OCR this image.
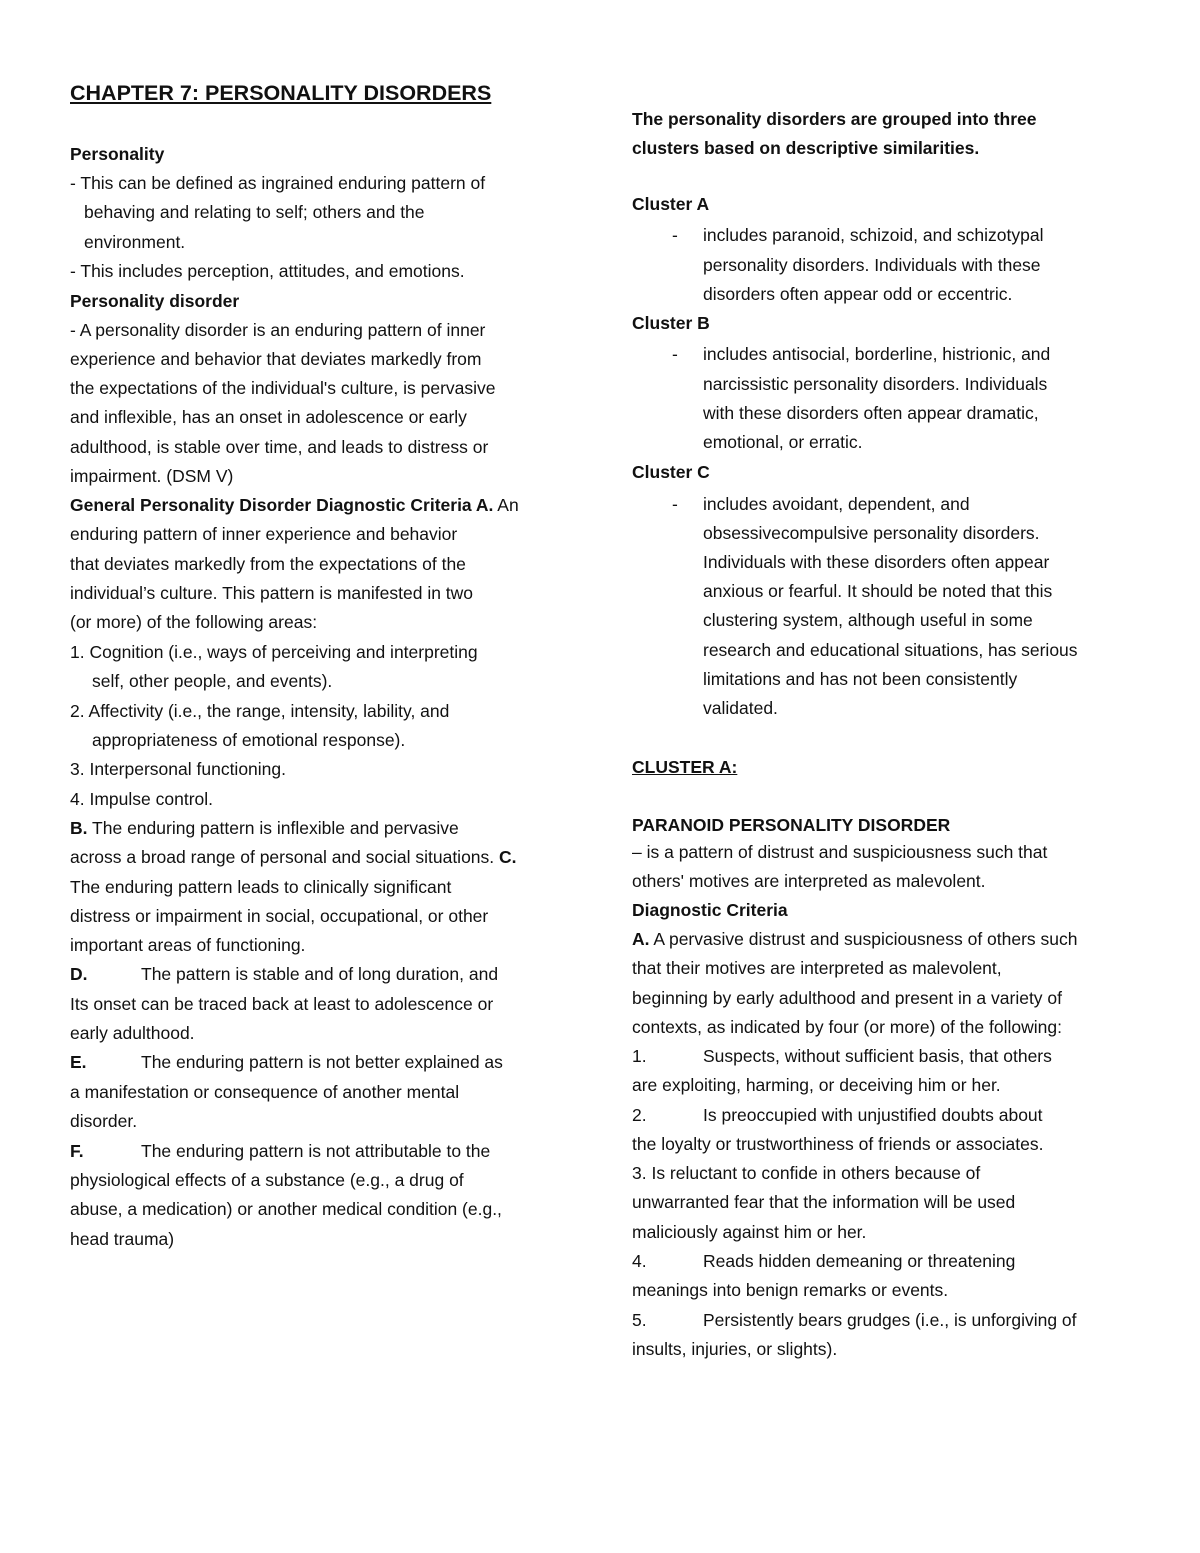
CHAPTER 7: PERSONALITY DISORDERS
Personality
- This can be defined as ingrained enduring pattern of
behaving and relating to self; others and the
environment.
- This includes perception, attitudes, and emotions.
Personality disorder
- A personality disorder is an enduring pattern of inner
experience and behavior that deviates markedly from
the expectations of the individual's culture, is pervasive
and inflexible, has an onset in adolescence or early
adulthood, is stable over time, and leads to distress or
impairment. (DSM V)
General Personality Disorder Diagnostic Criteria A. An
enduring pattern of inner experience and behavior
that deviates markedly from the expectations of the
individual’s culture. This pattern is manifested in two
(or more) of the following areas:
1. Cognition (i.e., ways of perceiving and interpreting
self, other people, and events).
2. Affectivity (i.e., the range, intensity, lability, and
appropriateness of emotional response).
3. Interpersonal functioning.
4. Impulse control.
B. The enduring pattern is inflexible and pervasive
across a broad range of personal and social situations. C.
The enduring pattern leads to clinically significant
distress or impairment in social, occupational, or other
important areas of functioning.
D.	The pattern is stable and of long duration, and
Its onset can be traced back at least to adolescence or
early adulthood.
E.	The enduring pattern is not better explained as
a manifestation or consequence of another mental
disorder.
F.	The enduring pattern is not attributable to the
physiological effects of a substance (e.g., a drug of
abuse, a medication) or another medical condition (e.g.,
head trauma)
The personality disorders are grouped into three
clusters based on descriptive similarities.
Cluster A
- includes paranoid, schizoid, and schizotypal
personality disorders. Individuals with these
disorders often appear odd or eccentric.
Cluster B
- includes antisocial, borderline, histrionic, and
narcissistic personality disorders. Individuals
with these disorders often appear dramatic,
emotional, or erratic.
Cluster C
- includes avoidant, dependent, and
obsessivecompulsive personality disorders.
Individuals with these disorders often appear
anxious or fearful. It should be noted that this
clustering system, although useful in some
research and educational situations, has serious
limitations and has not been consistently
validated.
CLUSTER A:
PARANOID PERSONALITY DISORDER
– is a pattern of distrust and suspiciousness such that
others' motives are interpreted as malevolent.
Diagnostic Criteria
A. A pervasive distrust and suspiciousness of others such
that their motives are interpreted as malevolent,
beginning by early adulthood and present in a variety of
contexts, as indicated by four (or more) of the following:
1.	Suspects, without sufficient basis, that others
are exploiting, harming, or deceiving him or her.
2.	Is preoccupied with unjustified doubts about
the loyalty or trustworthiness of friends or associates.
3. Is reluctant to confide in others because of
unwarranted fear that the information will be used
maliciously against him or her.
4.	Reads hidden demeaning or threatening
meanings into benign remarks or events.
5.	Persistently bears grudges (i.e., is unforgiving of
insults, injuries, or slights).
